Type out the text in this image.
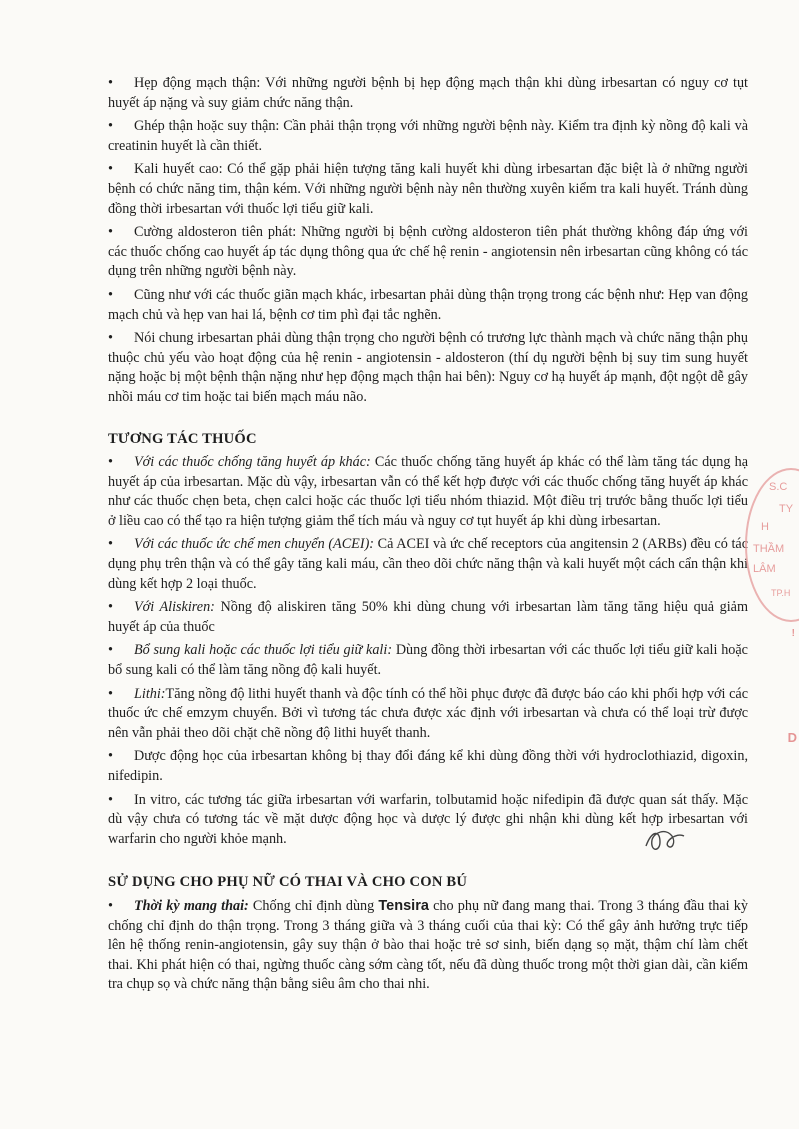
• Hẹp động mạch thận: Với những người bệnh bị hẹp động mạch thận khi dùng irbesartan có nguy cơ tụt huyết áp nặng và suy giảm chức năng thận.

• Ghép thận hoặc suy thận: Cần phải thận trọng với những người bệnh này. Kiểm tra định kỳ nồng độ kali và creatinin huyết là cần thiết.

• Kali huyết cao: Có thể gặp phải hiện tượng tăng kali huyết khi dùng irbesartan đặc biệt là ở những người bệnh có chức năng tim, thận kém. Với những người bệnh này nên thường xuyên kiểm tra kali huyết. Tránh dùng đồng thời irbesartan với thuốc lợi tiểu giữ kali.

• Cường aldosteron tiên phát: Những người bị bệnh cường aldosteron tiên phát thường không đáp ứng với các thuốc chống cao huyết áp tác dụng thông qua ức chế hệ renin - angiotensin nên irbesartan cũng không có tác dụng trên những người bệnh này.

• Cũng như với các thuốc giãn mạch khác, irbesartan phải dùng thận trọng trong các bệnh như: Hẹp van động mạch chủ và hẹp van hai lá, bệnh cơ tim phì đại tắc nghẽn.

• Nói chung irbesartan phải dùng thận trọng cho người bệnh có trương lực thành mạch và chức năng thận phụ thuộc chủ yếu vào hoạt động của hệ renin - angiotensin - aldosteron (thí dụ người bệnh bị suy tim sung huyết nặng hoặc bị một bệnh thận nặng như hẹp động mạch thận hai bên): Nguy cơ hạ huyết áp mạnh, đột ngột dễ gây nhồi máu cơ tim hoặc tai biến mạch máu não.

TƯƠNG TÁC THUỐC

• Với các thuốc chống tăng huyết áp khác: Các thuốc chống tăng huyết áp khác có thể làm tăng tác dụng hạ huyết áp của irbesartan. Mặc dù vậy, irbesartan vẫn có thể kết hợp được với các thuốc chống tăng huyết áp khác như các thuốc chẹn beta, chẹn calci hoặc các thuốc lợi tiểu nhóm thiazid. Một điều trị trước bằng thuốc lợi tiểu ở liều cao có thể tạo ra hiện tượng giảm thể tích máu và nguy cơ tụt huyết áp khi dùng irbesartan.

• Với các thuốc ức chế men chuyển (ACEI): Cả ACEI và ức chế receptors của angitensin 2 (ARBs) đều có tác dụng phụ trên thận và có thể gây tăng kali máu, cần theo dõi chức năng thận và kali huyết một cách cẩn thận khi dùng kết hợp 2 loại thuốc.

• Với Aliskiren: Nồng độ aliskiren tăng 50% khi dùng chung với irbesartan làm tăng tăng hiệu quả giảm huyết áp của thuốc

• Bổ sung kali hoặc các thuốc lợi tiểu giữ kali: Dùng đồng thời irbesartan với các thuốc lợi tiểu giữ kali hoặc bổ sung kali có thể làm tăng nồng độ kali huyết.

• Lithi:Tăng nồng độ lithi huyết thanh và độc tính có thể hồi phục được đã được báo cáo khi phối hợp với các thuốc ức chế emzym chuyển. Bởi vì tương tác chưa được xác định với irbesartan và chưa có thể loại trừ được nên vẫn phải theo dõi chặt chẽ nồng độ lithi huyết thanh.

• Dược động học của irbesartan không bị thay đổi đáng kể khi dùng đồng thời với hydroclothiazid, digoxin, nifedipin.

• In vitro, các tương tác giữa irbesartan với warfarin, tolbutamid hoặc nifedipin đã được quan sát thấy. Mặc dù vậy chưa có tương tác về mặt dược động học và dược lý được ghi nhận khi dùng kết hợp irbesartan với warfarin cho người khỏe mạnh.

SỬ DỤNG CHO PHỤ NỮ CÓ THAI VÀ CHO CON BÚ

• Thời kỳ mang thai: Chống chỉ định dùng Tensira cho phụ nữ đang mang thai. Trong 3 tháng đầu thai kỳ chống chỉ định do thận trọng. Trong 3 tháng giữa và 3 tháng cuối của thai kỳ: Có thể gây ảnh hưởng trực tiếp lên hệ thống renin-angiotensin, gây suy thận ở bào thai hoặc trẻ sơ sinh, biến dạng sọ mặt, thậm chí làm chết thai. Khi phát hiện có thai, ngừng thuốc càng sớm càng tốt, nếu đã dùng thuốc trong một thời gian dài, cần kiểm tra chụp sọ và chức năng thận bằng siêu âm cho thai nhi.

S.C
TY
H
THẦM
LÂM
TP.H
D
!
